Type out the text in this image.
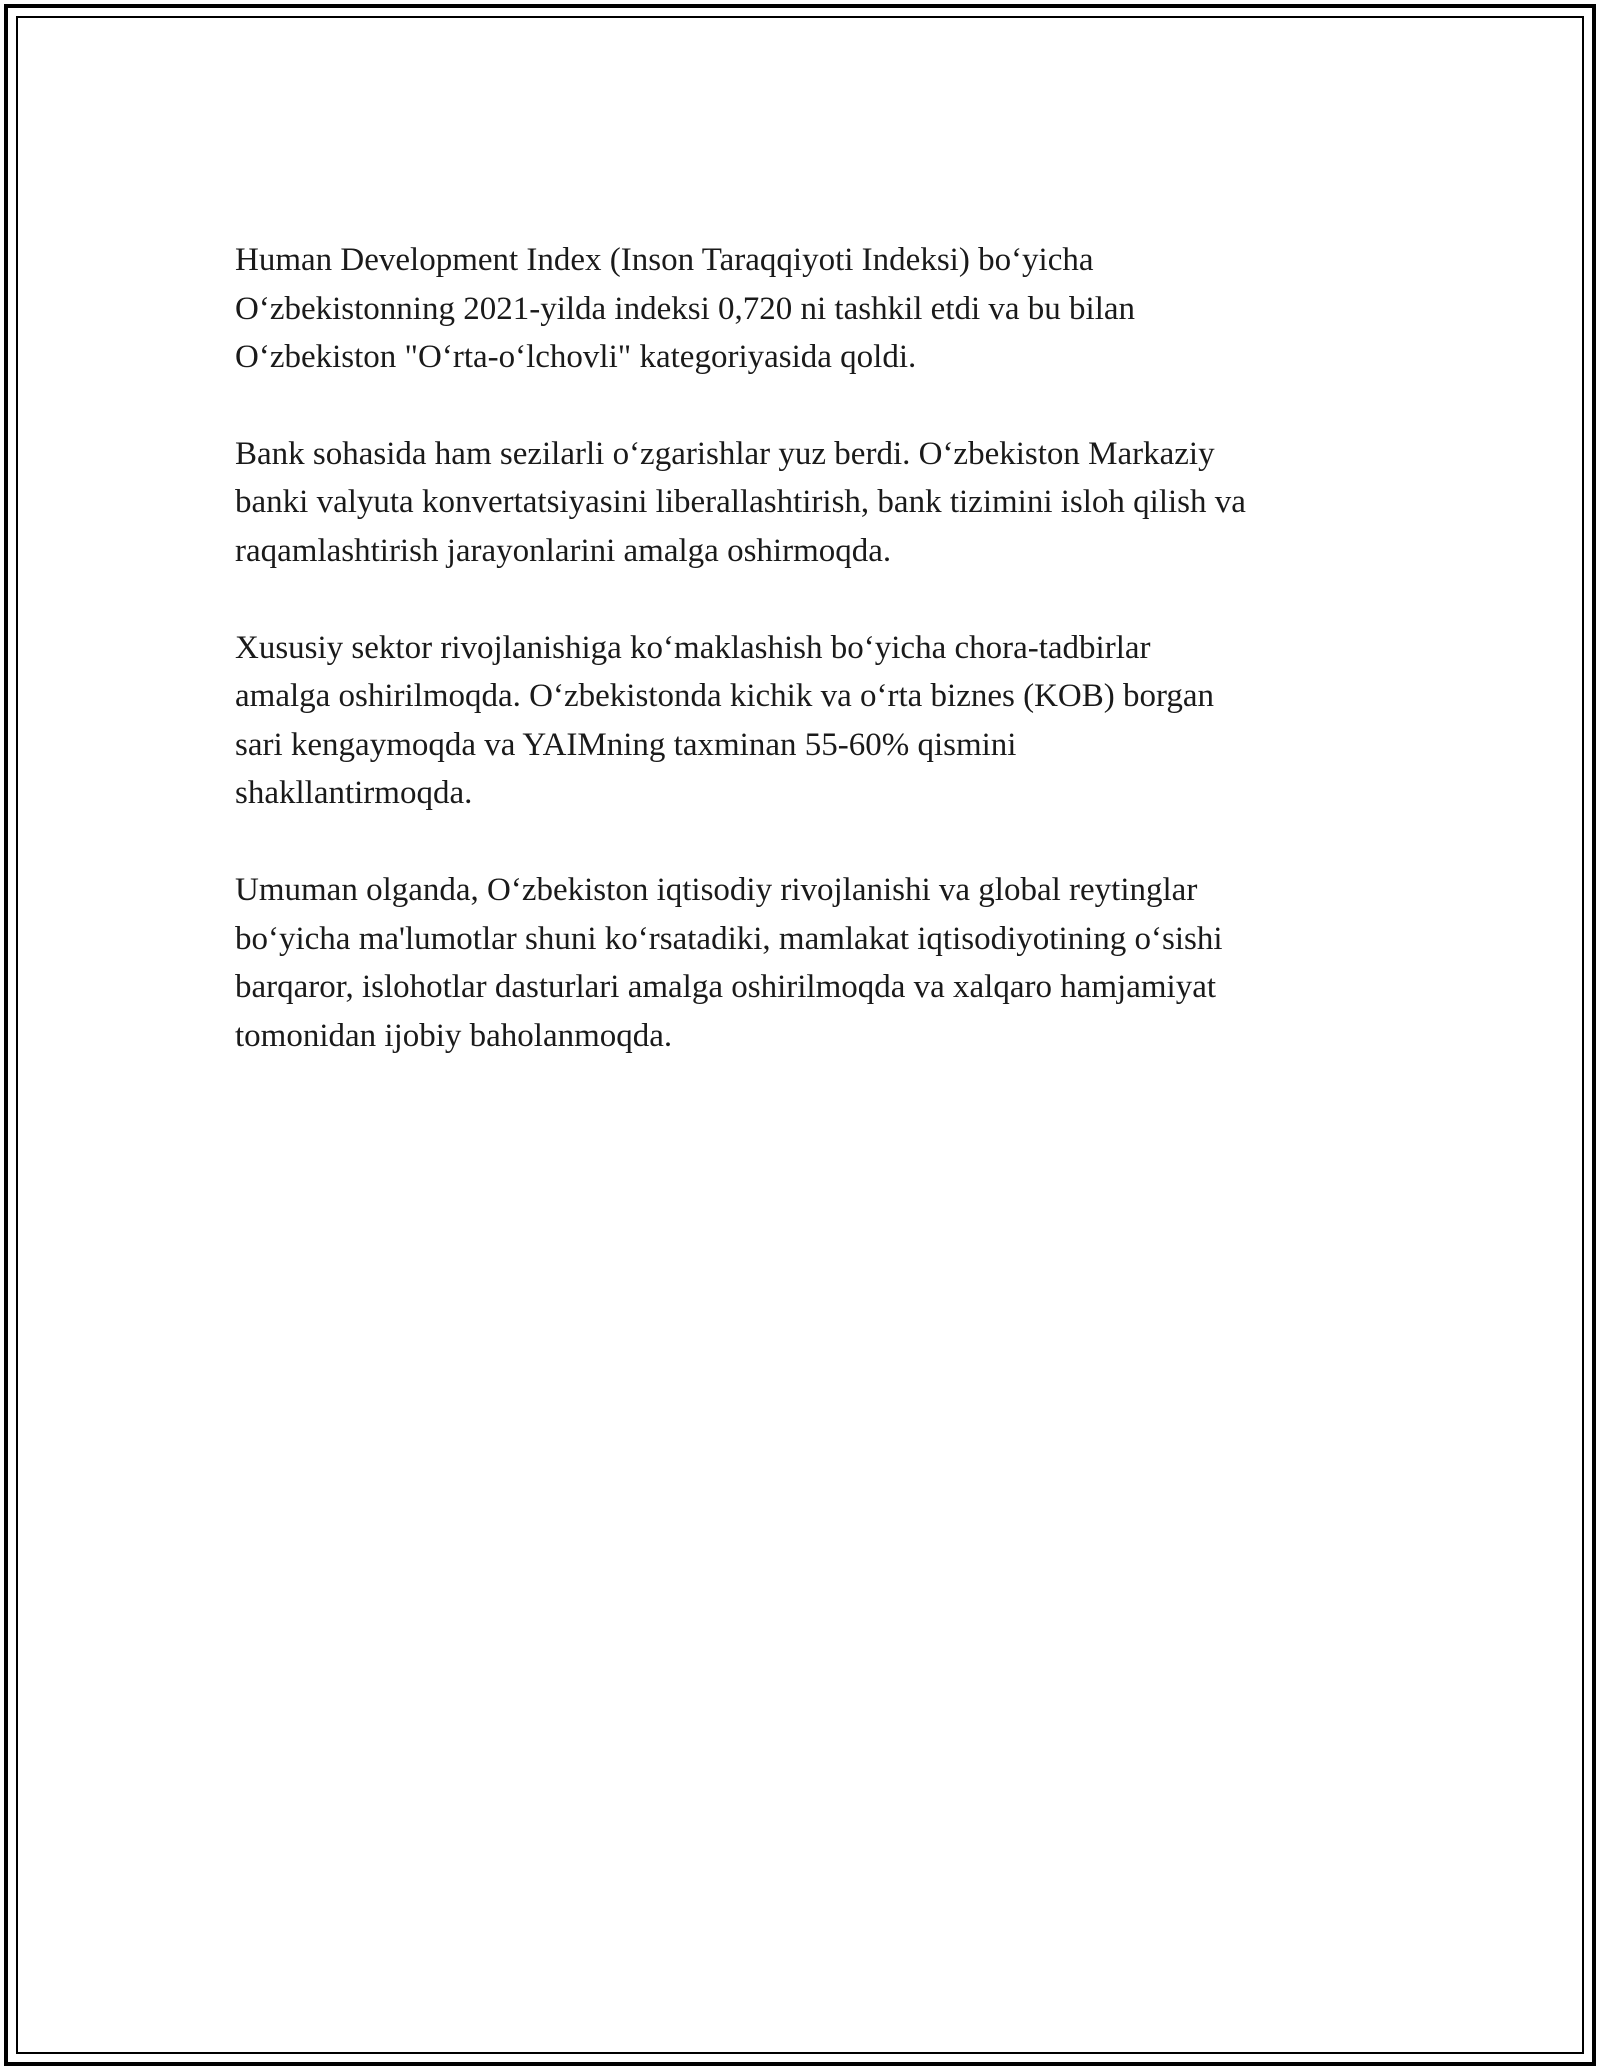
Human Development Index (Inson Taraqqiyoti Indeksi) bo‘yicha
O‘zbekistonning 2021-yilda indeksi 0,720 ni tashkil etdi va bu bilan
O‘zbekiston "O‘rta-o‘lchovli" kategoriyasida qoldi.

Bank sohasida ham sezilarli o‘zgarishlar yuz berdi. O‘zbekiston Markaziy
banki valyuta konvertatsiyasini liberallashtirish, bank tizimini isloh qilish va
raqamlashtirish jarayonlarini amalga oshirmoqda.

Xususiy sektor rivojlanishiga ko‘maklashish bo‘yicha chora-tadbirlar
amalga oshirilmoqda. O‘zbekistonda kichik va o‘rta biznes (KOB) borgan
sari kengaymoqda va YAIMning taxminan 55-60% qismini
shakllantirmoqda.

Umuman olganda, O‘zbekiston iqtisodiy rivojlanishi va global reytinglar
bo‘yicha ma'lumotlar shuni ko‘rsatadiki, mamlakat iqtisodiyotining o‘sishi
barqaror, islohotlar dasturlari amalga oshirilmoqda va xalqaro hamjamiyat
tomonidan ijobiy baholanmoqda.
